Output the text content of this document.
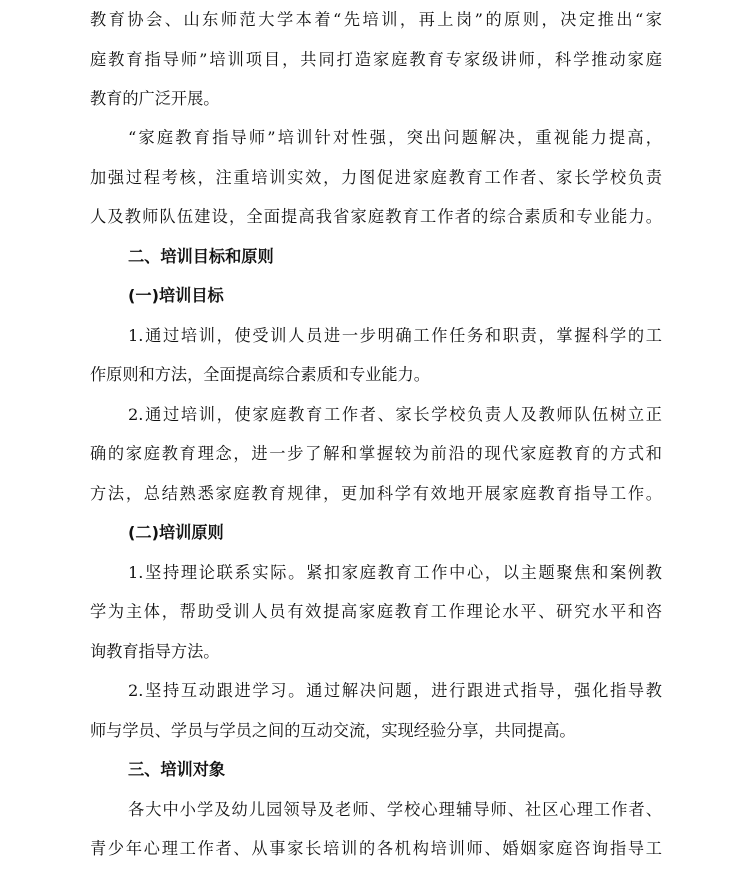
教育协会、山东师范大学本着“先培训，再上岗”的原则，决定推出“家
庭教育指导师”培训项目，共同打造家庭教育专家级讲师，科学推动家庭
教育的广泛开展。
“家庭教育指导师”培训针对性强，突出问题解决，重视能力提高，
加强过程考核，注重培训实效，力图促进家庭教育工作者、家长学校负责
人及教师队伍建设，全面提高我省家庭教育工作者的综合素质和专业能力。
二、培训目标和原则
(一)培训目标
1.通过培训，使受训人员进一步明确工作任务和职责，掌握科学的工
作原则和方法，全面提高综合素质和专业能力。
2.通过培训，使家庭教育工作者、家长学校负责人及教师队伍树立正
确的家庭教育理念，进一步了解和掌握较为前沿的现代家庭教育的方式和
方法，总结熟悉家庭教育规律，更加科学有效地开展家庭教育指导工作。
(二)培训原则
1.坚持理论联系实际。紧扣家庭教育工作中心，以主题聚焦和案例教
学为主体，帮助受训人员有效提高家庭教育工作理论水平、研究水平和咨
询教育指导方法。
2.坚持互动跟进学习。通过解决问题，进行跟进式指导，强化指导教
师与学员、学员与学员之间的互动交流，实现经验分享，共同提高。
三、培训对象
各大中小学及幼儿园领导及老师、学校心理辅导师、社区心理工作者、
青少年心理工作者、从事家长培训的各机构培训师、婚姻家庭咨询指导工
